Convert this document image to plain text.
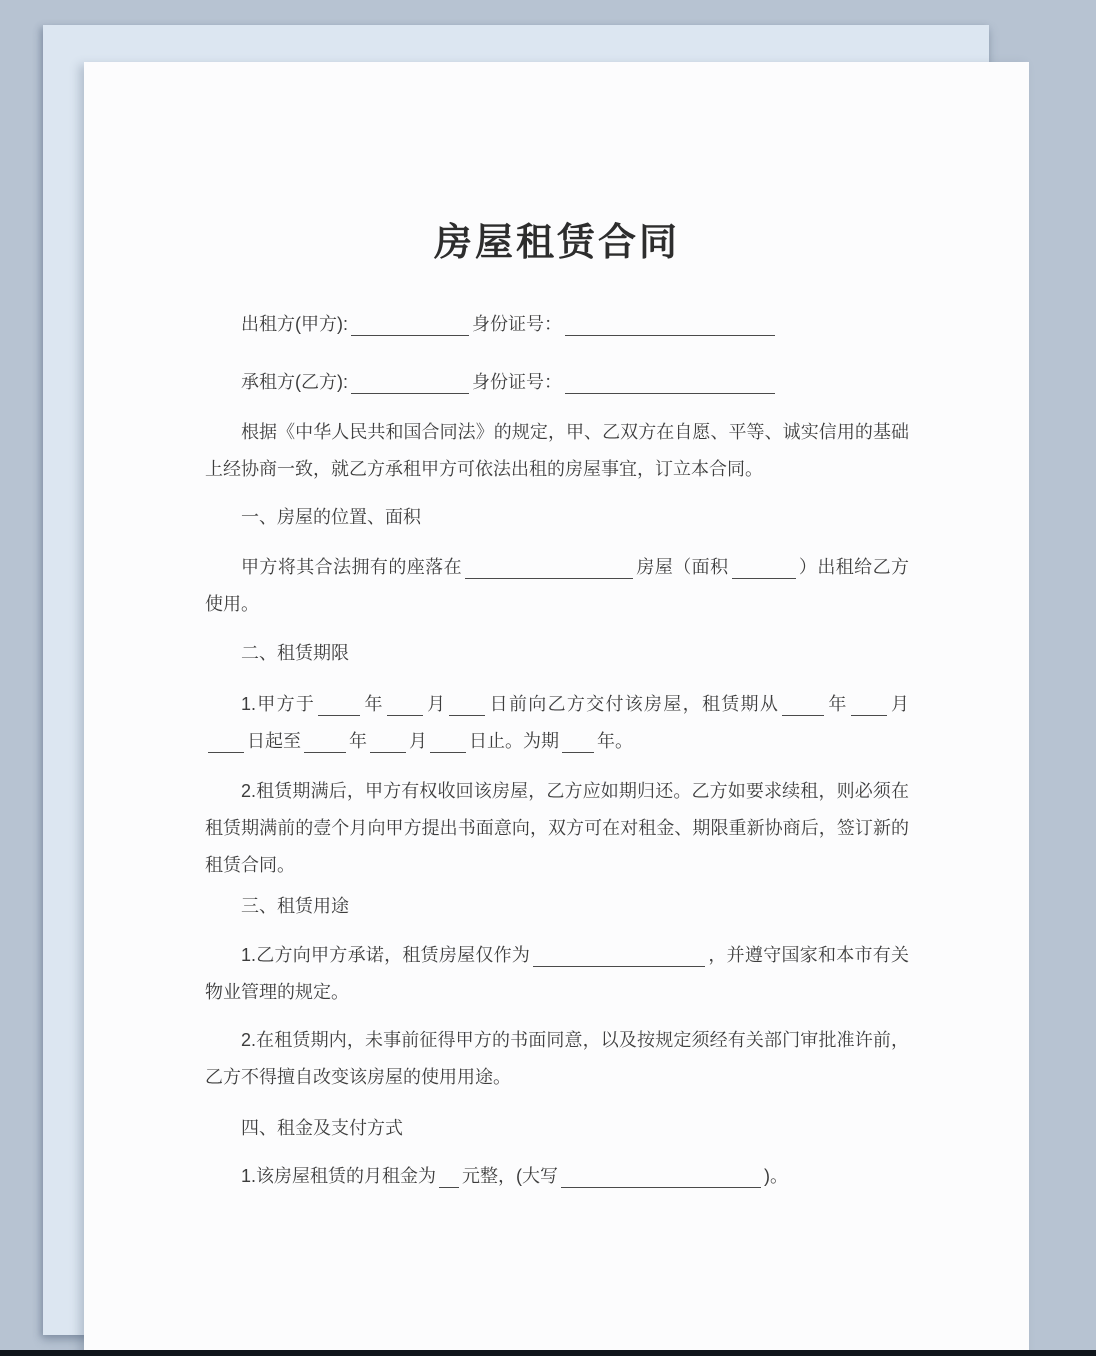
房屋租赁合同
出租方(甲方):	身份证号：
承租方(乙方):	身份证号：

根据《中华人民共和国合同法》的规定，甲、乙双方在自愿、平等、诚实信用的基础上经协商一致，就乙方承租甲方可依法出租的房屋事宜，订立本合同。

一、房屋的位置、面积

甲方将其合法拥有的座落在	房屋（面积	）出租给乙方使用。

二、租赁期限

1.甲方于	年 月 日前向乙方交付该房屋，租赁期从	年 月日起至	年 月 日止。为期 年。

2.租赁期满后，甲方有权收回该房屋，乙方应如期归还。乙方如要求续租，则必须在租赁期满前的壹个月向甲方提出书面意向，双方可在对租金、期限重新协商后，签订新的租赁合同。

三、租赁用途

1.乙方向甲方承诺，租赁房屋仅作为	，并遵守国家和本市有关物业管理的规定。

2.在租赁期内，未事前征得甲方的书面同意，以及按规定须经有关部门审批准许前，乙方不得擅自改变该房屋的使用用途。

四、租金及支付方式

1.该房屋租赁的月租金为 元整，(大写	)。
